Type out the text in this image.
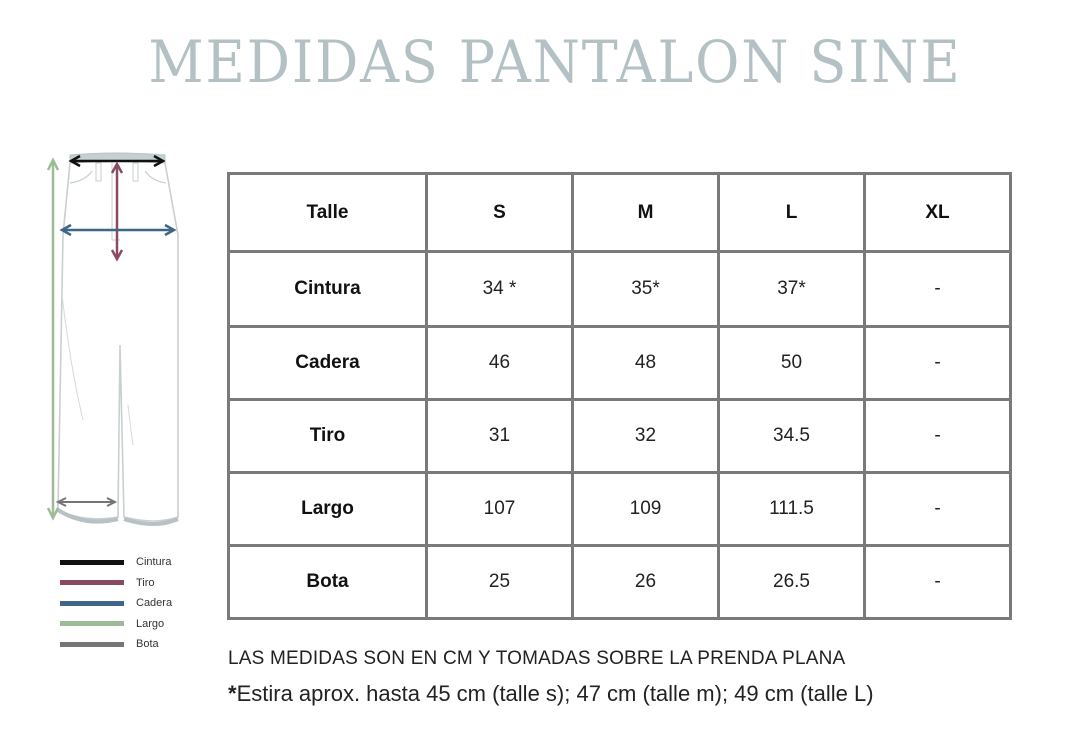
MEDIDAS PANTALON SINE
Cintura
Tiro
Cadera
Largo
Bota
Talle	S	M	L	XL
Cintura	34 *	35*	37*	-
Cadera	46	48	50	-
Tiro	31	32	34.5	-
Largo	107	109	111.5	-
Bota	25	26	26.5	-
LAS MEDIDAS SON EN CM Y TOMADAS SOBRE LA PRENDA PLANA
*Estira aprox. hasta 45 cm (talle s); 47 cm (talle m); 49 cm (talle L)
